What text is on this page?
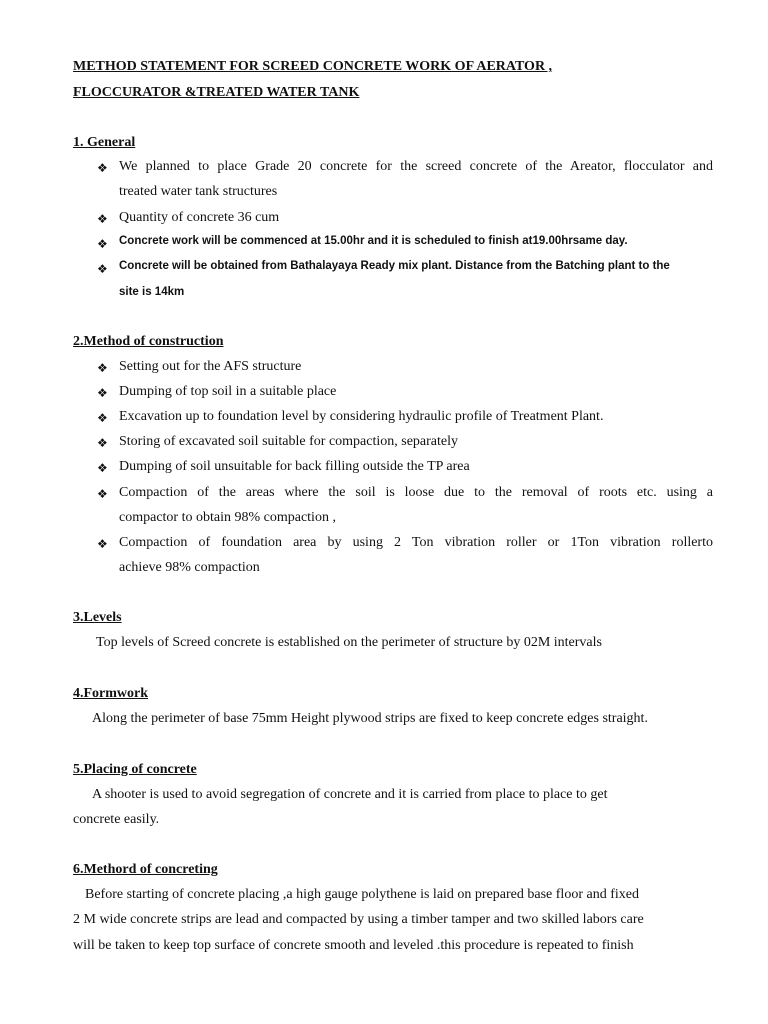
METHOD STATEMENT FOR SCREED CONCRETE WORK OF AERATOR ,
FLOCCURATOR &TREATED WATER TANK
1. General
❖ We planned to place Grade 20 concrete for the screed concrete of the Areator, flocculator and
treated water tank structures
❖ Quantity of concrete 36 cum
❖ Concrete work will be commenced at 15.00hr and it is scheduled to finish at19.00hrsame day.
❖ Concrete will be obtained from Bathalayaya Ready mix plant. Distance from the Batching plant to the
site is 14km
2.Method of construction
❖ Setting out for the AFS structure
❖ Dumping of top soil in a suitable place
❖ Excavation up to foundation level by considering hydraulic profile of Treatment Plant.
❖ Storing of excavated soil suitable for compaction, separately
❖ Dumping of soil unsuitable for back filling outside the TP area
❖ Compaction of the areas where the soil is loose due to the removal of roots etc. using a
compactor to obtain 98% compaction ,
❖ Compaction of foundation area by using 2 Ton vibration roller or 1Ton vibration rollerto
achieve 98% compaction
3.Levels
Top levels of Screed concrete is established on the perimeter of structure by 02M intervals
4.Formwork
Along the perimeter of base 75mm Height plywood strips are fixed to keep concrete edges straight.
5.Placing of concrete
A shooter is used to avoid segregation of concrete and it is carried from place to place to get
concrete easily.
6.Methord of concreting
Before starting of concrete placing ,a high gauge polythene is laid on prepared base floor and fixed
2 M wide concrete strips are lead and compacted by using a timber tamper and two skilled labors care
will be taken to keep top surface of concrete smooth and leveled .this procedure is repeated to finish
